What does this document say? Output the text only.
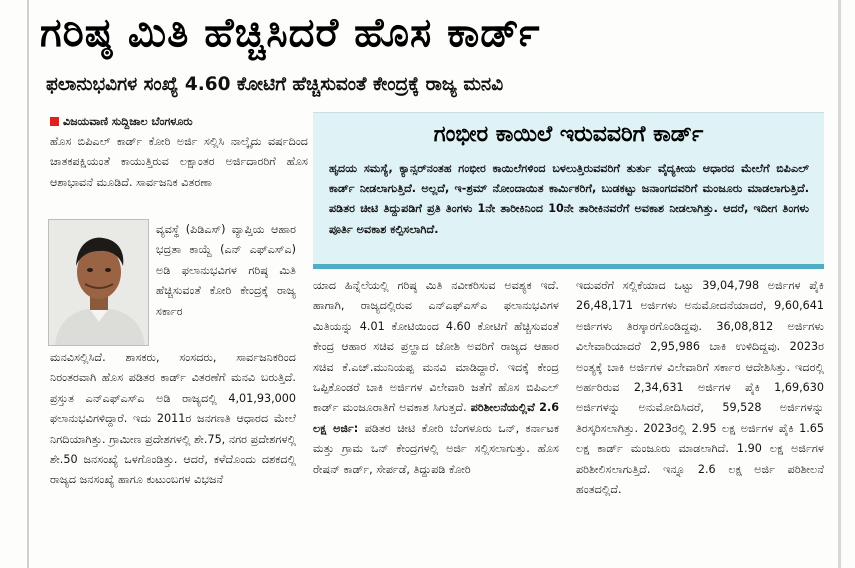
ಗರಿಷ್ಠ ಮಿತಿ ಹೆಚ್ಚಿಸಿದರೆ ಹೊಸ ಕಾರ್ಡ್
ಫಲಾನುಭವಿಗಳ ಸಂಖ್ಯೆ 4.60 ಕೋಟಿಗೆ ಹೆಚ್ಚಿಸುವಂತೆ ಕೇಂದ್ರಕ್ಕೆ ರಾಜ್ಯ ಮನವಿ
ವಿಜಯವಾಣಿ ಸುದ್ದಿಜಾಲ ಬೆಂಗಳೂರು

ಹೊಸ ಬಿಪಿಎಲ್ ಕಾರ್ಡ್ ಕೋರಿ ಅರ್ಜಿ ಸಲ್ಲಿಸಿ ನಾಲ್ಕೈದು ವರ್ಷದಿಂದ ಚಾತಕಪಕ್ಷಿಯಂತೆ ಕಾಯುತ್ತಿರುವ ಲಕ್ಷಾಂತರ ಅರ್ಜಿದಾರರಿಗೆ ಹೊಸ ಆಶಾಭಾವನೆ ಮೂಡಿದೆ. ಸಾರ್ವಜನಿಕ ವಿತರಣಾ

ವ್ಯವಸ್ಥೆ (ಪಿಡಿಎಸ್) ವ್ಯಾಪ್ತಿಯ ಆಹಾರ ಭದ್ರತಾ ಕಾಯ್ದೆ (ಎನ್ ಎಫ್ಎಸ್ಎ) ಅಡಿ ಫಲಾನುಭವಿಗಳ ಗರಿಷ್ಠ ಮಿತಿ ಹೆಚ್ಚಿಸುವಂತೆ ಕೋರಿ ಕೇಂದ್ರಕ್ಕೆ ರಾಜ್ಯ ಸರ್ಕಾರ

ಮನವಿಸಲ್ಲಿಸಿದೆ. ಶಾಸಕರು, ಸಂಸದರು, ಸಾರ್ವಜನಿಕರಿಂದ ನಿರಂತರವಾಗಿ ಹೊಸ ಪಡಿತರ ಕಾರ್ಡ್ ವಿತರಣೆಗೆ ಮನವಿ ಬರುತ್ತಿದೆ. ಪ್ರಸ್ತುತ ಎನ್ಎಫ್ಎಸ್ಎ ಅಡಿ ರಾಜ್ಯದಲ್ಲಿ 4,01,93,000 ಫಲಾನುಭವಿಗಳಿದ್ದಾರೆ. ಇದು 2011ರ ಜನಗಣತಿ ಆಧಾರದ ಮೇಲೆ ನಿಗದಿಯಾಗಿತ್ತು. ಗ್ರಾಮೀಣ ಪ್ರದೇಶಗಳಲ್ಲಿ ಶೇ.75, ನಗರ ಪ್ರದೇಶಗಳಲ್ಲಿ ಶೇ.50 ಜನಸಂಖ್ಯೆ ಒಳಗೊಂಡಿತ್ತು. ಆದರೆ, ಕಳೆದೊಂದು ದಶಕದಲ್ಲಿ ರಾಜ್ಯದ ಜನಸಂಖ್ಯೆ ಹಾಗೂ ಕುಟುಂಬಗಳ ವಿಭಜನೆ

ಗಂಭೀರ ಕಾಯಿಲೆ ಇರುವವರಿಗೆ ಕಾರ್ಡ್

ಹೃದಯ ಸಮಸ್ಯೆ, ಕ್ಯಾನ್ಸರ್‌ನಂತಹ ಗಂಭೀರ ಕಾಯಿಲೆಗಳಿಂದ ಬಳಲುತ್ತಿರುವವರಿಗೆ ತುರ್ತು ವೈದ್ಯಕೀಯ ಆಧಾರದ ಮೇಲೆಗೆ ಬಿಪಿಎಲ್ ಕಾರ್ಡ್ ನೀಡಲಾಗುತ್ತಿದೆ. ಅಲ್ಲದೆ, ಇ-ಶ್ರಮ್ ನೋಂದಾಯಿತ ಕಾರ್ಮಿಕರಿಗೆ, ಬುಡಕಟ್ಟು ಜನಾಂಗದವರಿಗೆ ಮಂಜೂರು ಮಾಡಲಾಗುತ್ತಿದೆ. ಪಡಿತರ ಚೀಟಿ ತಿದ್ದುಪಡಿಗೆ ಪ್ರತಿ ತಿಂಗಳು 1ನೇ ತಾರೀಕಿನಿಂದ 10ನೇ ತಾರೀಕಿನವರೆಗೆ ಅವಕಾಶ ನೀಡಲಾಗಿತ್ತು. ಆದರೆ, ಇದೀಗ ತಿಂಗಳು ಪೂರ್ತಿ ಅವಕಾಶ ಕಲ್ಪಿಸಲಾಗಿದೆ.

ಯಾದ ಹಿನ್ನೆಲೆಯಲ್ಲಿ ಗರಿಷ್ಠ ಮಿತಿ ನವೀಕರಿಸುವ ಅವಶ್ಯಕ ಇದೆ. ಹಾಗಾಗಿ, ರಾಜ್ಯದಲ್ಲಿರುವ ಎನ್ಎಫ್ಎಸ್ಎ ಫಲಾನುಭವಿಗಳ ಮಿತಿಯನ್ನು 4.01 ಕೋಟಿಯಿಂದ 4.60 ಕೋಟಿಗೆ ಹೆಚ್ಚಿಸುವಂತೆ ಕೇಂದ್ರ ಆಹಾರ ಸಚಿವ ಪ್ರಲ್ಹಾದ ಜೋಶಿ ಅವರಿಗೆ ರಾಜ್ಯದ ಆಹಾರ ಸಚಿವ ಕೆ.ಎಚ್.ಮುನಿಯಪ್ಪ ಮನವಿ ಮಾಡಿದ್ದಾರೆ. ಇದಕ್ಕೆ ಕೇಂದ್ರ ಒಪ್ಪಿಕೊಂಡರೆ ಬಾಕಿ ಅರ್ಜಿಗಳ ವಿಲೇವಾರಿ ಜತೆಗೆ ಹೊಸ ಬಿಪಿಎಲ್ ಕಾರ್ಡ್ ಮಂಜೂರಾತಿಗೆ ಅವಕಾಶ ಸಿಗುತ್ತದೆ. ಪರಿಶೀಲನೆಯಲ್ಲಿವೆ 2.6 ಲಕ್ಷ ಅರ್ಜಿ: ಪಡಿತರ ಚೀಟಿ ಕೋರಿ ಬೆಂಗಳೂರು ಒನ್, ಕರ್ನಾಟಕ ಮತ್ತು ಗ್ರಾಮ ಒನ್ ಕೇಂದ್ರಗಳಲ್ಲಿ ಅರ್ಜಿ ಸಲ್ಲಿಸಲಾಗುತ್ತು. ಹೊಸ ರೇಷನ್ ಕಾರ್ಡ್, ಸೇರ್ಪಡೆ, ತಿದ್ದುಪಡಿ ಕೋರಿ

ಇದುವರೆಗೆ ಸಲ್ಲಿಕೆಯಾದ ಒಟ್ಟು 39,04,798 ಅರ್ಜಿಗಳ ಪೈಕಿ 26,48,171 ಅರ್ಜಿಗಳು ಅನುಮೋದನೆಯಾದರೆ, 9,60,641 ಅರ್ಜಿಗಳು ತಿರಸ್ಕಾರಗೊಂಡಿದ್ದವು. 36,08,812 ಅರ್ಜಿಗಳು ವಿಲೇವಾರಿಯಾದರೆ 2,95,986 ಬಾಕಿ ಉಳಿದಿದ್ದವು. 2023ರ ಅಂತ್ಯಕ್ಕೆ ಬಾಕಿ ಅರ್ಜಿಗಳ ವಿಲೇವಾರಿಗೆ ಸರ್ಕಾರ ಆದೇಶಿಸಿತ್ತು. ಇದರಲ್ಲಿ ಅರ್ಹರಿರುವ 2,34,631 ಅರ್ಜಿಗಳ ಪೈಕಿ 1,69,630 ಅರ್ಜಿಗಳನ್ನು ಅನುಮೋದಿಸಿದರೆ, 59,528 ಅರ್ಜಿಗಳನ್ನು ತಿರಸ್ಕರಿಸಲಾಗಿತ್ತು. 2023ರಲ್ಲಿ 2.95 ಲಕ್ಷ ಅರ್ಜಿಗಳ ಪೈಕಿ 1.65 ಲಕ್ಷ ಕಾರ್ಡ್ ಮಂಜೂರು ಮಾಡಲಾಗಿದೆ. 1.90 ಲಕ್ಷ ಅರ್ಜಿಗಳ ಪರಿಶೀಲಿಸಲಾಗುತ್ತಿದೆ. ಇನ್ನೂ 2.6 ಲಕ್ಷ ಅರ್ಜಿ ಪರಿಶೀಲನೆ ಹಂತದಲ್ಲಿದೆ.
